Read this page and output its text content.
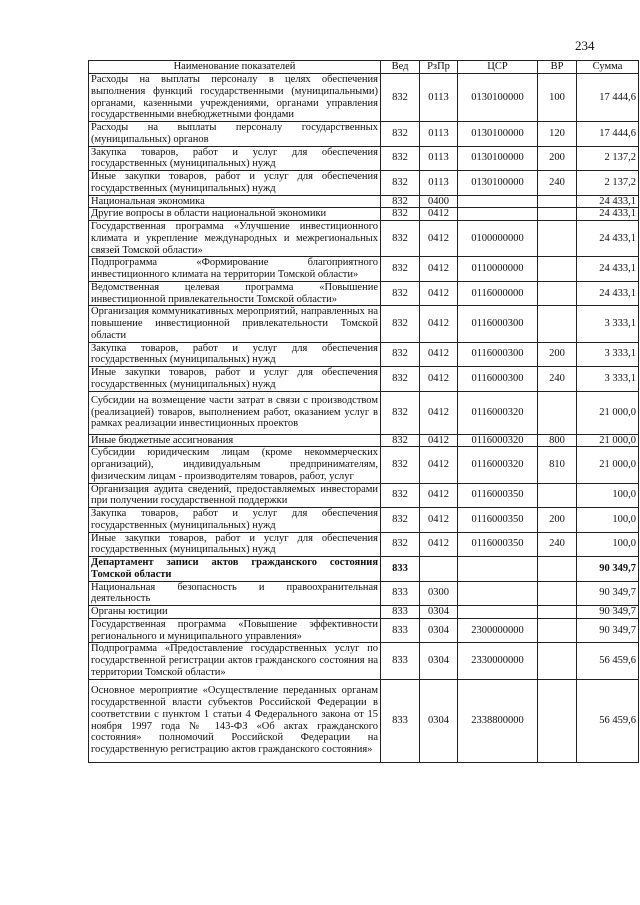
234
Наименование показателей	Вед	РзПр	ЦСР	ВР	Сумма
Расходы на выплаты персоналу в целях обеспечения выполнения функций государственными (муниципальными) органами, казенными учреждениями, органами управления государственными внебюджетными фондами	832	0113	0130100000	100	17 444,6
Расходы на выплаты персоналу государственных (муниципальных) органов	832	0113	0130100000	120	17 444,6
Закупка товаров, работ и услуг для обеспечения государственных (муниципальных) нужд	832	0113	0130100000	200	2 137,2
Иные закупки товаров, работ и услуг для обеспечения государственных (муниципальных) нужд	832	0113	0130100000	240	2 137,2
Национальная экономика	832	0400			24 433,1
Другие вопросы в области национальной экономики	832	0412			24 433,1
Государственная программа «Улучшение инвестиционного климата и укрепление международных и межрегиональных связей Томской области»	832	0412	0100000000		24 433,1
Подпрограмма «Формирование благоприятного инвестиционного климата на территории Томской области»	832	0412	0110000000		24 433,1
Ведомственная целевая программа «Повышение инвестиционной привлекательности Томской области»	832	0412	0116000000		24 433,1
Организация коммуникативных мероприятий, направленных на повышение инвестиционной привлекательности Томской области	832	0412	0116000300		3 333,1
Закупка товаров, работ и услуг для обеспечения государственных (муниципальных) нужд	832	0412	0116000300	200	3 333,1
Иные закупки товаров, работ и услуг для обеспечения государственных (муниципальных) нужд	832	0412	0116000300	240	3 333,1
Субсидии на возмещение части затрат в связи с производством (реализацией) товаров, выполнением работ, оказанием услуг в рамках реализации инвестиционных проектов	832	0412	0116000320		21 000,0
Иные бюджетные ассигнования	832	0412	0116000320	800	21 000,0
Субсидии юридическим лицам (кроме некоммерческих организаций), индивидуальным предпринимателям, физическим лицам - производителям товаров, работ, услуг	832	0412	0116000320	810	21 000,0
Организация аудита сведений, предоставляемых инвесторами при получении государственной поддержки	832	0412	0116000350		100,0
Закупка товаров, работ и услуг для обеспечения государственных (муниципальных) нужд	832	0412	0116000350	200	100,0
Иные закупки товаров, работ и услуг для обеспечения государственных (муниципальных) нужд	832	0412	0116000350	240	100,0
Департамент записи актов гражданского состояния Томской области	833				90 349,7
Национальная безопасность и правоохранительная деятельность	833	0300			90 349,7
Органы юстиции	833	0304			90 349,7
Государственная программа «Повышение эффективности регионального и муниципального управления»	833	0304	2300000000		90 349,7
Подпрограмма «Предоставление государственных услуг по государственной регистрации актов гражданского состояния на территории Томской области»	833	0304	2330000000		56 459,6
Основное мероприятие «Осуществление переданных органам государственной власти субъектов Российской Федерации в соответствии с пунктом 1 статьи 4 Федерального закона от 15 ноября 1997 года № 143-ФЗ «Об актах гражданского состояния» полномочий Российской Федерации на государственную регистрацию актов гражданского состояния»	833	0304	2338800000		56 459,6
